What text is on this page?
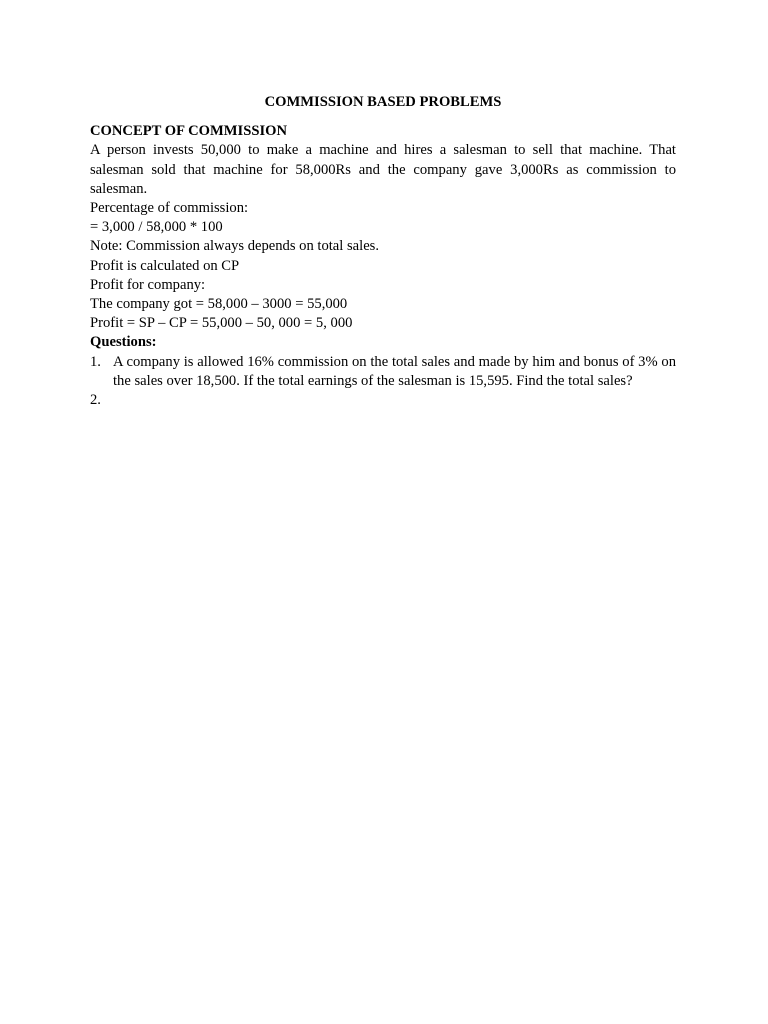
COMMISSION BASED PROBLEMS

CONCEPT OF COMMISSION

A person invests 50,000 to make a machine and hires a salesman to sell that machine. That salesman sold that machine for 58,000Rs and the company gave 3,000Rs as commission to salesman.

Percentage of commission:

= 3,000 / 58,000 * 100

Note: Commission always depends on total sales.

Profit is calculated on CP

Profit for company:

The company got = 58,000 – 3000 = 55,000

Profit = SP – CP = 55,000 – 50, 000 = 5, 000

Questions:

1. A company is allowed 16% commission on the total sales and made by him and bonus of 3% on the sales over 18,500. If the total earnings of the salesman is 15,595. Find the total sales?
2.
